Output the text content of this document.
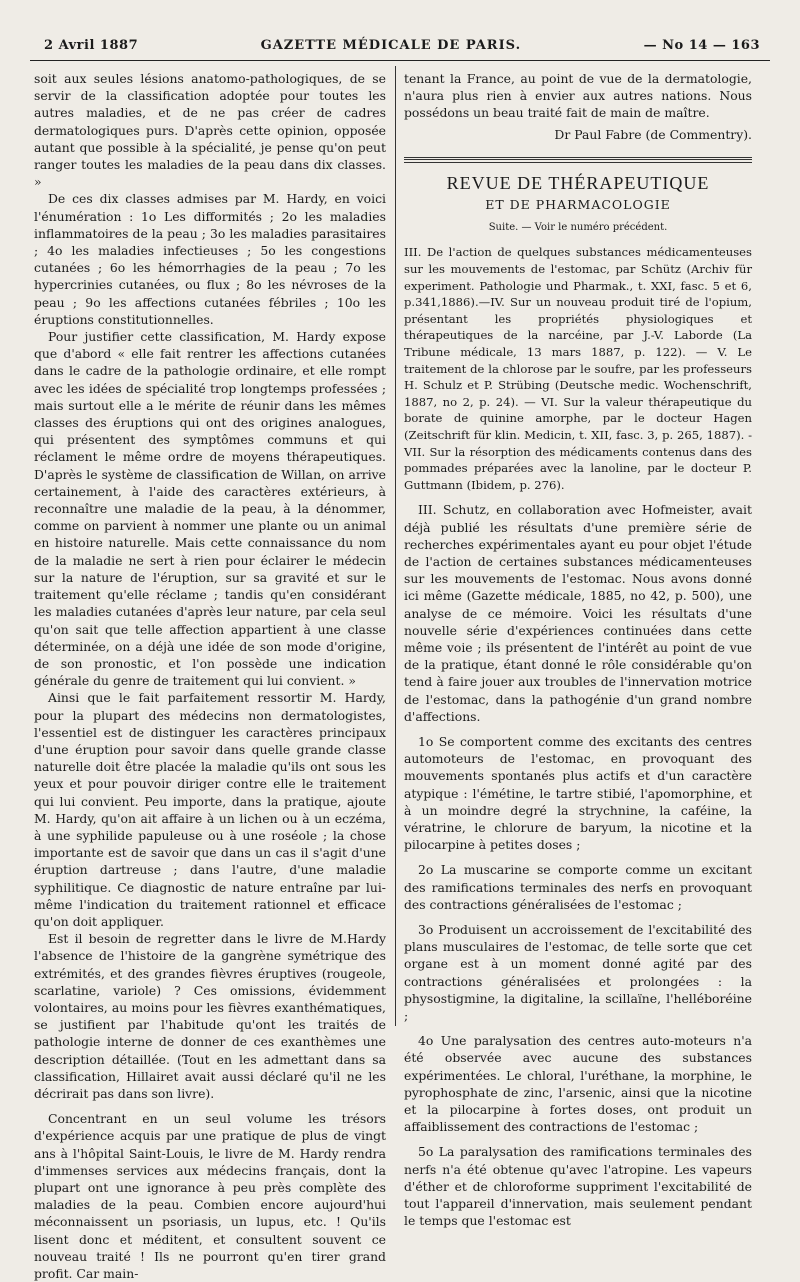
2 Avril 1887	GAZETTE MÉDICALE DE PARIS.	— No 14 — 163

soit aux seules lésions anatomo-pathologiques, de se servir de la classification adoptée pour toutes les autres maladies, et de ne pas créer de cadres dermatologiques purs. D'après cette opinion, opposée autant que possible à la spécialité, je pense qu'on peut ranger toutes les maladies de la peau dans dix classes. »

De ces dix classes admises par M. Hardy, en voici l'énumération : 1o Les difformités ; 2o les maladies inflammatoires de la peau ; 3o les maladies parasitaires ; 4o les maladies infectieuses ; 5o les congestions cutanées ; 6o les hémorrhagies de la peau ; 7o les hypercrinies cutanées, ou flux ; 8o les névroses de la peau ; 9o les affections cutanées fébriles ; 10o les éruptions constitutionnelles.

Pour justifier cette classification, M. Hardy expose que d'abord « elle fait rentrer les affections cutanées dans le cadre de la pathologie ordinaire, et elle rompt avec les idées de spécialité trop longtemps professées ; mais surtout elle a le mérite de réunir dans les mêmes classes des éruptions qui ont des origines analogues, qui présentent des symptômes communs et qui réclament le même ordre de moyens thérapeutiques. D'après le système de classification de Willan, on arrive certainement, à l'aide des caractères extérieurs, à reconnaître une maladie de la peau, à la dénommer, comme on parvient à nommer une plante ou un animal en histoire naturelle. Mais cette connaissance du nom de la maladie ne sert à rien pour éclairer le médecin sur la nature de l'éruption, sur sa gravité et sur le traitement qu'elle réclame ; tandis qu'en considérant les maladies cutanées d'après leur nature, par cela seul qu'on sait que telle affection appartient à une classe déterminée, on a déjà une idée de son mode d'origine, de son pronostic, et l'on possède une indication générale du genre de traitement qui lui convient. »

Ainsi que le fait parfaitement ressortir M. Hardy, pour la plupart des médecins non dermatologistes, l'essentiel est de distinguer les caractères principaux d'une éruption pour savoir dans quelle grande classe naturelle doit être placée la maladie qu'ils ont sous les yeux et pour pouvoir diriger contre elle le traitement qui lui convient. Peu importe, dans la pratique, ajoute M. Hardy, qu'on ait affaire à un lichen ou à un eczéma, à une syphilide papuleuse ou à une roséole ; la chose importante est de savoir que dans un cas il s'agit d'une éruption dartreuse ; dans l'autre, d'une maladie syphilitique. Ce diagnostic de nature entraîne par lui-même l'indication du traitement rationnel et efficace qu'on doit appliquer.

Est il besoin de regretter dans le livre de M.Hardy l'absence de l'histoire de la gangrène symétrique des extrémités, et des grandes fièvres éruptives (rougeole, scarlatine, variole) ? Ces omissions, évidemment volontaires, au moins pour les fièvres exanthématiques, se justifient par l'habitude qu'ont les traités de pathologie interne de donner de ces exanthèmes une description détaillée. (Tout en les admettant dans sa classification, Hillairet avait aussi déclaré qu'il ne les décrirait pas dans son livre).

Concentrant en un seul volume les trésors d'expérience acquis par une pratique de plus de vingt ans à l'hôpital Saint-Louis, le livre de M. Hardy rendra d'immenses services aux médecins français, dont la plupart ont une ignorance à peu près complète des maladies de la peau. Combien encore aujourd'hui méconnaissent un psoriasis, un lupus, etc. ! Qu'ils lisent donc et méditent, et consultent souvent ce nouveau traité ! Ils ne pourront qu'en tirer grand profit. Car main-

tenant la France, au point de vue de la dermatologie, n'aura plus rien à envier aux autres nations. Nous possédons un beau traité fait de main de maître.

Dr Paul Fabre (de Commentry).

REVUE DE THÉRAPEUTIQUE
ET DE PHARMACOLOGIE
Suite. — Voir le numéro précédent.

III. De l'action de quelques substances médicamenteuses sur les mouvements de l'estomac, par Schütz (Archiv für experiment. Pathologie und Pharmak., t. XXI, fasc. 5 et 6, p.341,1886).—IV. Sur un nouveau produit tiré de l'opium, présentant les propriétés physiologiques et thérapeutiques de la narcéine, par J.-V. Laborde (La Tribune médicale, 13 mars 1887, p. 122). — V. Le traitement de la chlorose par le soufre, par les professeurs H. Schulz et P. Strübing (Deutsche medic. Wochenschrift, 1887, no 2, p. 24). — VI. Sur la valeur thérapeutique du borate de quinine amorphe, par le docteur Hagen (Zeitschrift für klin. Medicin, t. XII, fasc. 3, p. 265, 1887). - VII. Sur la résorption des médicaments contenus dans des pommades préparées avec la lanoline, par le docteur P. Guttmann (Ibidem, p. 276).

III. Schutz, en collaboration avec Hofmeister, avait déjà publié les résultats d'une première série de recherches expérimentales ayant eu pour objet l'étude de l'action de certaines substances médicamenteuses sur les mouvements de l'estomac. Nous avons donné ici même (Gazette médicale, 1885, no 42, p. 500), une analyse de ce mémoire. Voici les résultats d'une nouvelle série d'expériences continuées dans cette même voie ; ils présentent de l'intérêt au point de vue de la pratique, étant donné le rôle considérable qu'on tend à faire jouer aux troubles de l'innervation motrice de l'estomac, dans la pathogénie d'un grand nombre d'affections.

1o Se comportent comme des excitants des centres automoteurs de l'estomac, en provoquant des mouvements spontanés plus actifs et d'un caractère atypique : l'émétine, le tartre stibié, l'apomorphine, et à un moindre degré la strychnine, la caféine, la vératrine, le chlorure de baryum, la nicotine et la pilocarpine à petites doses ;

2o La muscarine se comporte comme un excitant des ramifications terminales des nerfs en provoquant des contractions généralisées de l'estomac ;

3o Produisent un accroissement de l'excitabilité des plans musculaires de l'estomac, de telle sorte que cet organe est à un moment donné agité par des contractions généralisées et prolongées : la physostigmine, la digitaline, la scillaïne, l'helléboréine ;

4o Une paralysation des centres auto-moteurs n'a été observée avec aucune des substances expérimentées. Le chloral, l'uréthane, la morphine, le pyrophosphate de zinc, l'arsenic, ainsi que la nicotine et la pilocarpine à fortes doses, ont produit un affaiblissement des contractions de l'estomac ;

5o La paralysation des ramifications terminales des nerfs n'a été obtenue qu'avec l'atropine. Les vapeurs d'éther et de chloroforme suppriment l'excitabilité de tout l'appareil d'innervation, mais seulement pendant le temps que l'estomac est
